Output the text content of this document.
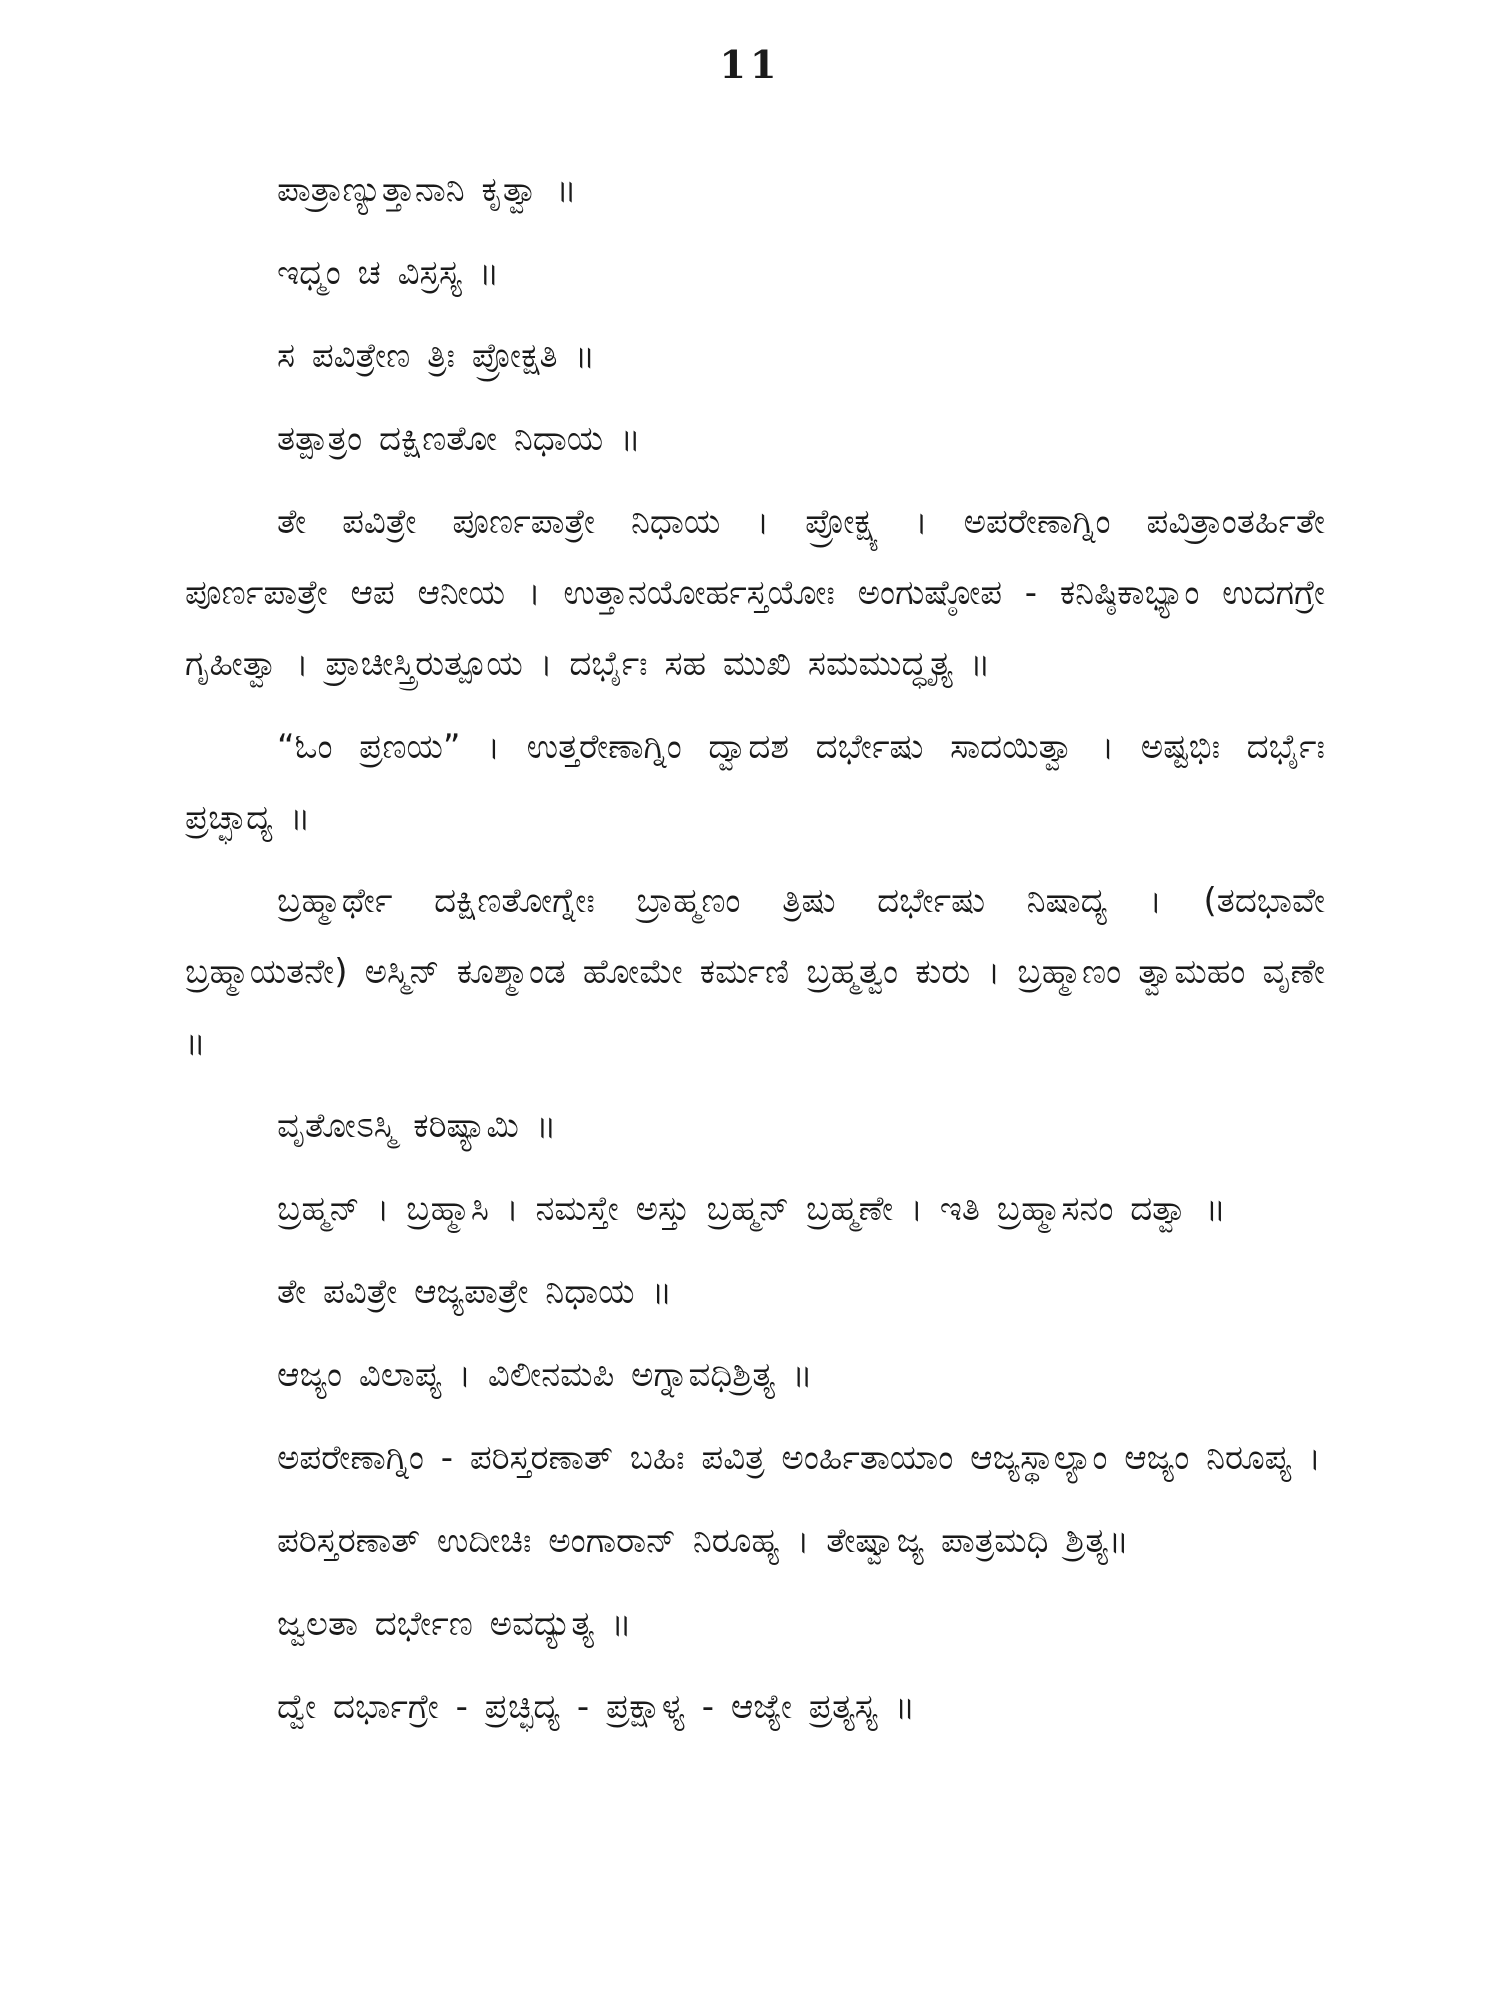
11

ಪಾತ್ರಾಣ್ಯುತ್ತಾನಾನಿ ಕೃತ್ವಾ ॥

ಇಧ್ಮಂ ಚ ವಿಸ್ರಸ್ಯ ॥

ಸ ಪವಿತ್ರೇಣ ತ್ರಿಃ ಪ್ರೋಕ್ಷತಿ ॥

ತತ್ಪಾತ್ರಂ ದಕ್ಷಿಣತೋ ನಿಧಾಯ ॥

ತೇ ಪವಿತ್ರೇ ಪೂರ್ಣಪಾತ್ರೇ ನಿಧಾಯ । ಪ್ರೋಕ್ಷ್ಯ । ಅಪರೇಣಾಗ್ನಿಂ ಪವಿತ್ರಾಂತರ್ಹಿತೇ ಪೂರ್ಣಪಾತ್ರೇ ಆಪ ಆನೀಯ । ಉತ್ತಾನಯೋರ್ಹಸ್ತಯೋಃ ಅಂಗುಷ್ಠೋಪ - ಕನಿಷ್ಠಿಕಾಭ್ಯಾಂ ಉದಗಗ್ರೇ ಗೃಹೀತ್ವಾ । ಪ್ರಾಚೀಸ್ತ್ರಿರುತ್ಪೂಯ । ದರ್ಭೈಃ ಸಹ ಮುಖಿ ಸಮಮುದ್ಧೃತ್ಯ ॥

“ಓಂ ಪ್ರಣಯ” । ಉತ್ತರೇಣಾಗ್ನಿಂ ದ್ವಾದಶ ದರ್ಭೇಷು ಸಾದಯಿತ್ವಾ । ಅಷ್ಟಭಿಃ ದರ್ಭೈಃ ಪ್ರಚ್ಛಾದ್ಯ ॥

ಬ್ರಹ್ಮಾರ್ಥೇ ದಕ್ಷಿಣತೋಗ್ನೇಃ ಬ್ರಾಹ್ಮಣಂ ತ್ರಿಷು ದರ್ಭೇಷು ನಿಷಾದ್ಯ । (ತದಭಾವೇ ಬ್ರಹ್ಮಾಯತನೇ) ಅಸ್ಮಿನ್ ಕೂಶ್ಮಾಂಡ ಹೋಮೇ ಕರ್ಮಣಿ ಬ್ರಹ್ಮತ್ವಂ ಕುರು । ಬ್ರಹ್ಮಾಣಂ ತ್ವಾಮಹಂ ವೃಣೇ ॥

ವೃತೋಽಸ್ಮಿ ಕರಿಷ್ಯಾಮಿ ॥

ಬ್ರಹ್ಮನ್ । ಬ್ರಹ್ಮಾಸಿ । ನಮಸ್ತೇ ಅಸ್ತು ಬ್ರಹ್ಮನ್ ಬ್ರಹ್ಮಣೇ । ಇತಿ ಬ್ರಹ್ಮಾಸನಂ ದತ್ವಾ ॥

ತೇ ಪವಿತ್ರೇ ಆಜ್ಯಪಾತ್ರೇ ನಿಧಾಯ ॥

ಆಜ್ಯಂ ವಿಲಾಪ್ಯ । ವಿಲೀನಮಪಿ ಅಗ್ನಾವಧಿಶ್ರಿತ್ಯ ॥

ಅಪರೇಣಾಗ್ನಿಂ - ಪರಿಸ್ತರಣಾತ್ ಬಹಿಃ ಪವಿತ್ರ ಅಂರ್ಹಿತಾಯಾಂ ಆಜ್ಯಸ್ಥಾಲ್ಯಾಂ ಆಜ್ಯಂ ನಿರೂಪ್ಯ ।

ಪರಿಸ್ತರಣಾತ್ ಉದೀಚಿಃ ಅಂಗಾರಾನ್ ನಿರೂಹ್ಯ । ತೇಷ್ವಾಜ್ಯ ಪಾತ್ರಮಧಿ ಶ್ರಿತ್ಯ॥

ಜ್ವಲತಾ ದರ್ಭೇಣ ಅವದ್ಯುತ್ಯ ॥

ದ್ವೇ ದರ್ಭಾಗ್ರೇ - ಪ್ರಚ್ಛಿದ್ಯ - ಪ್ರಕ್ಷಾಳ್ಯ - ಆಜ್ಯೇ ಪ್ರತ್ಯಸ್ಯ ॥
